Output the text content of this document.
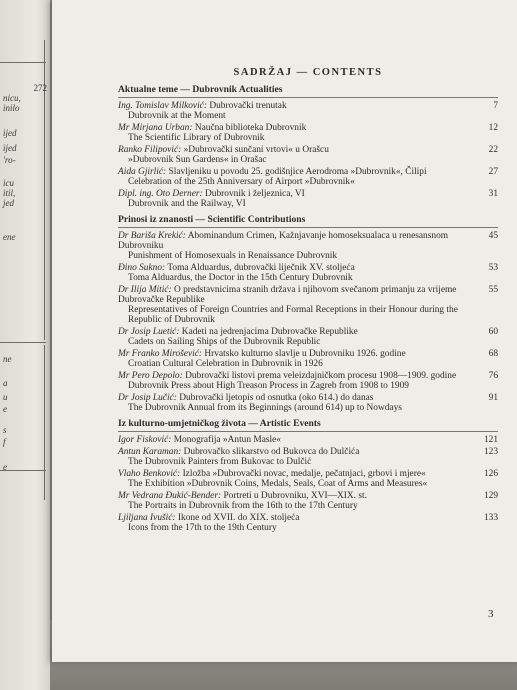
272
nicu,
inilo
ijed
ijed
'ro-
icu
itil,
jed
ene
ne
a
u
e
s
f
e
SADRŽAJ — CONTENTS
Aktualne teme — Dubrovnik Actualities
Ing. Tomislav Milković: Dubrovački trenutak
Dubrovnik at the Moment
7
Mr Mirjana Urban: Naučna biblioteka Dubrovnik
The Scientific Library of Dubrovnik
12
Ranko Filipović: »Dubrovački sunčani vrtovi« u Orašcu
»Dubrovnik Sun Gardens« in Orašac
22
Aida Gjirlić: Slavljeniku u povodu 25. godišnjice Aerodroma »Dubrovnik«, Čilipi
Celebration of the 25th Anniversary of Airport »Dubrovnik«
27
Dipl. ing. Oto Derner: Dubrovnik i željeznica, VI
Dubrovnik and the Railway, VI
31
Prinosi iz znanosti — Scientific Contributions
Dr Bariša Krekić: Abominandum Crimen, Kažnjavanje homoseksualaca u renesansnom Dubrovniku
Punishment of Homosexuals in Renaissance Dubrovnik
45
Đino Sukno: Toma Alduardus, dubrovački liječnik XV. stoljeća
Toma Alduardus, the Doctor in the 15th Century Dubrovnik
53
Dr Ilija Mitić: O predstavnicima stranih država i njihovom svečanom primanju za vrijeme Dubrovačke Republike
Representatives of Foreign Countries and Formal Receptions in their Honour during the Republic of Dubrovnik
55
Dr Josip Luetić: Kadeti na jedrenjacima Dubrovačke Republike
Cadets on Sailing Ships of the Dubrovnik Republic
60
Mr Franko Mirošević: Hrvatsko kulturno slavlje u Dubrovniku 1926. godine
Croatian Cultural Celebration in Dubrovnik in 1926
68
Mr Pero Depolo: Dubrovački listovi prema veleizdajničkom procesu 1908—1909. godine
Dubrovnik Press about High Treason Process in Zagreb from 1908 to 1909
76
Dr Josip Lučić: Dubrovački ljetopis od osnutka (oko 614.) do danas
The Dubrovnik Annual from its Beginnings (around 614) up to Nowdays
91
Iz kulturno-umjetničkog života — Artistic Events
Igor Fisković: Monografija »Antun Masle«	121
Antun Karaman: Dubrovačko slikarstvo od Bukovca do Dulčića
The Dubrovnik Painters from Bukovac to Dulčić
123
Vlaho Benković: Izložba »Dubrovački novac, medalje, pečatnjaci, grbovi i mjere«
The Exhibition »Dubrovnik Coins, Medals, Seals, Coat of Arms and Measures«
126
Mr Vedrana Đukić-Bender: Portreti u Dubrovniku, XVI—XIX. st.
The Portraits in Dubrovnik from the 16th to the 17th Century
129
Ljiljana Ivušić: Ikone od XVII. do XIX. stoljeća
Icons from the 17th to the 19th Century
133
3
